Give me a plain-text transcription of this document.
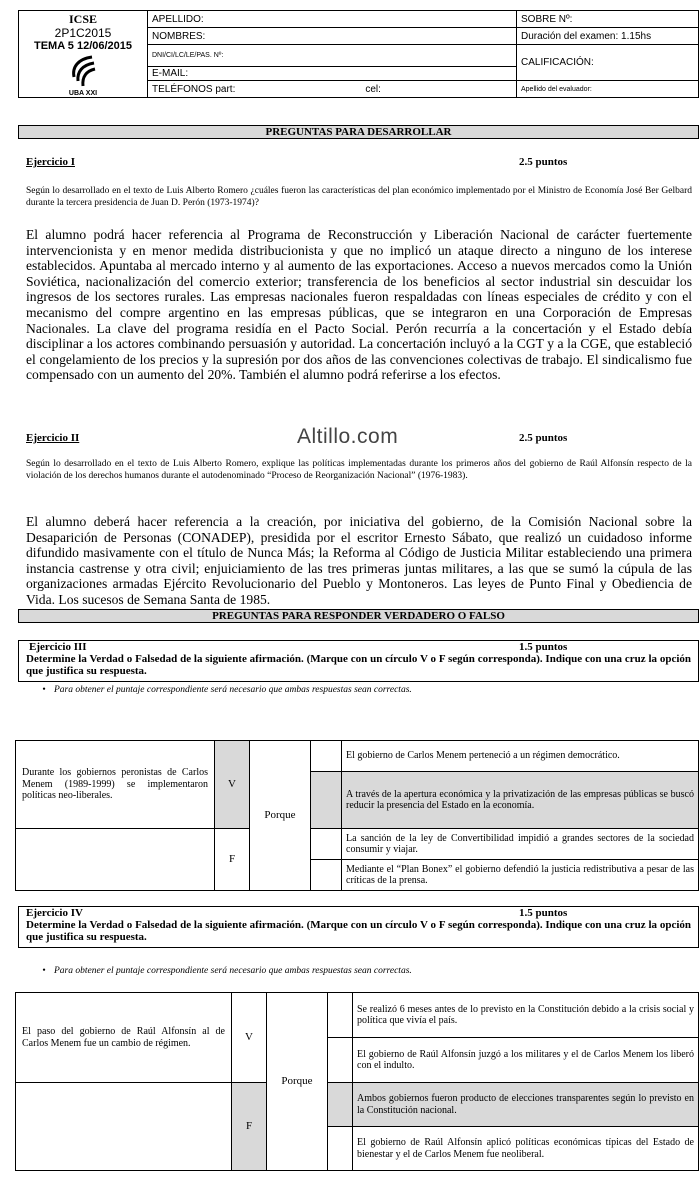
ICSE
2P1C2015
TEMA 5 12/06/2015
UBA XXI	APELLIDO:	SOBRE Nº:
	NOMBRES:	Duración del examen: 1.15hs
	DNI/CI/LC/LE/PAS. Nº:	CALIFICACIÓN:
	E-MAIL:	
	TELÉFONOS part: cel:	Apellido del evaluador:
PREGUNTAS PARA DESARROLLAR
Ejercicio I	2.5 puntos
Según lo desarrollado en el texto de Luis Alberto Romero ¿cuáles fueron las características del plan económico implementado por el Ministro de Economía José Ber Gelbard durante la tercera presidencia de Juan D. Perón (1973-1974)?
El alumno podrá hacer referencia al Programa de Reconstrucción y Liberación Nacional de carácter fuertemente intervencionista y en menor medida distribucionista y que no implicó un ataque directo a ninguno de los interese establecidos. Apuntaba al mercado interno y al aumento de las exportaciones. Acceso a nuevos mercados como la Unión Soviética, nacionalización del comercio exterior; transferencia de los beneficios al sector industrial sin descuidar los ingresos de los sectores rurales. Las empresas nacionales fueron respaldadas con líneas especiales de crédito y con el mecanismo del compre argentino en las empresas públicas, que se integraron en una Corporación de Empresas Nacionales. La clave del programa residía en el Pacto Social. Perón recurría a la concertación y el Estado debía disciplinar a los actores combinando persuasión y autoridad. La concertación incluyó a la CGT y a la CGE, que estableció el congelamiento de los precios y la supresión por dos años de las convenciones colectivas de trabajo. El sindicalismo fue compensado con un aumento del 20%. También el alumno podrá referirse a los efectos.
Ejercicio II	Altillo.com	2.5 puntos
Según lo desarrollado en el texto de Luis Alberto Romero, explique las políticas implementadas durante los primeros años del gobierno de Raúl Alfonsín respecto de la violación de los derechos humanos durante el autodenominado “Proceso de Reorganización Nacional” (1976-1983).
El alumno deberá hacer referencia a la creación, por iniciativa del gobierno, de la Comisión Nacional sobre la Desaparición de Personas (CONADEP), presidida por el escritor Ernesto Sábato, que realizó un cuidadoso informe difundido masivamente con el título de Nunca Más; la Reforma al Código de Justicia Militar estableciendo una primera instancia castrense y otra civil; enjuiciamiento de las tres primeras juntas militares, a las que se sumó la cúpula de las organizaciones armadas Ejército Revolucionario del Pueblo y Montoneros. Las leyes de Punto Final y Obediencia de Vida. Los sucesos de Semana Santa de 1985.
PREGUNTAS PARA RESPONDER VERDADERO O FALSO
Ejercicio III	1.5 puntos
Determine la Verdad o Falsedad de la siguiente afirmación. (Marque con un círculo V o F según corresponda). Indique con una cruz la opción que justifica su respuesta.
• Para obtener el puntaje correspondiente será necesario que ambas respuestas sean correctas.
Durante los gobiernos peronistas de Carlos Menem (1989-1999) se implementaron políticas neo-liberales.	V	Porque		El gobierno de Carlos Menem perteneció a un régimen democrático.
				A través de la apertura económica y la privatización de las empresas públicas se buscó reducir la presencia del Estado en la economía.
	F			La sanción de la ley de Convertibilidad impidió a grandes sectores de la sociedad consumir y viajar.
				Mediante el “Plan Bonex” el gobierno defendió la justicia redistributiva a pesar de las críticas de la prensa.
Ejercicio IV	1.5 puntos
Determine la Verdad o Falsedad de la siguiente afirmación. (Marque con un círculo V o F según corresponda). Indique con una cruz la opción que justifica su respuesta.
• Para obtener el puntaje correspondiente será necesario que ambas respuestas sean correctas.
El paso del gobierno de Raúl Alfonsín al de Carlos Menem fue un cambio de régimen.	V	Porque		Se realizó 6 meses antes de lo previsto en la Constitución debido a la crisis social y política que vivía el país.
				El gobierno de Raúl Alfonsín juzgó a los militares y el de Carlos Menem los liberó con el indulto.
	F			Ambos gobiernos fueron producto de elecciones transparentes según lo previsto en la Constitución nacional.
				El gobierno de Raúl Alfonsín aplicó políticas económicas típicas del Estado de bienestar y el de Carlos Menem fue neoliberal.
